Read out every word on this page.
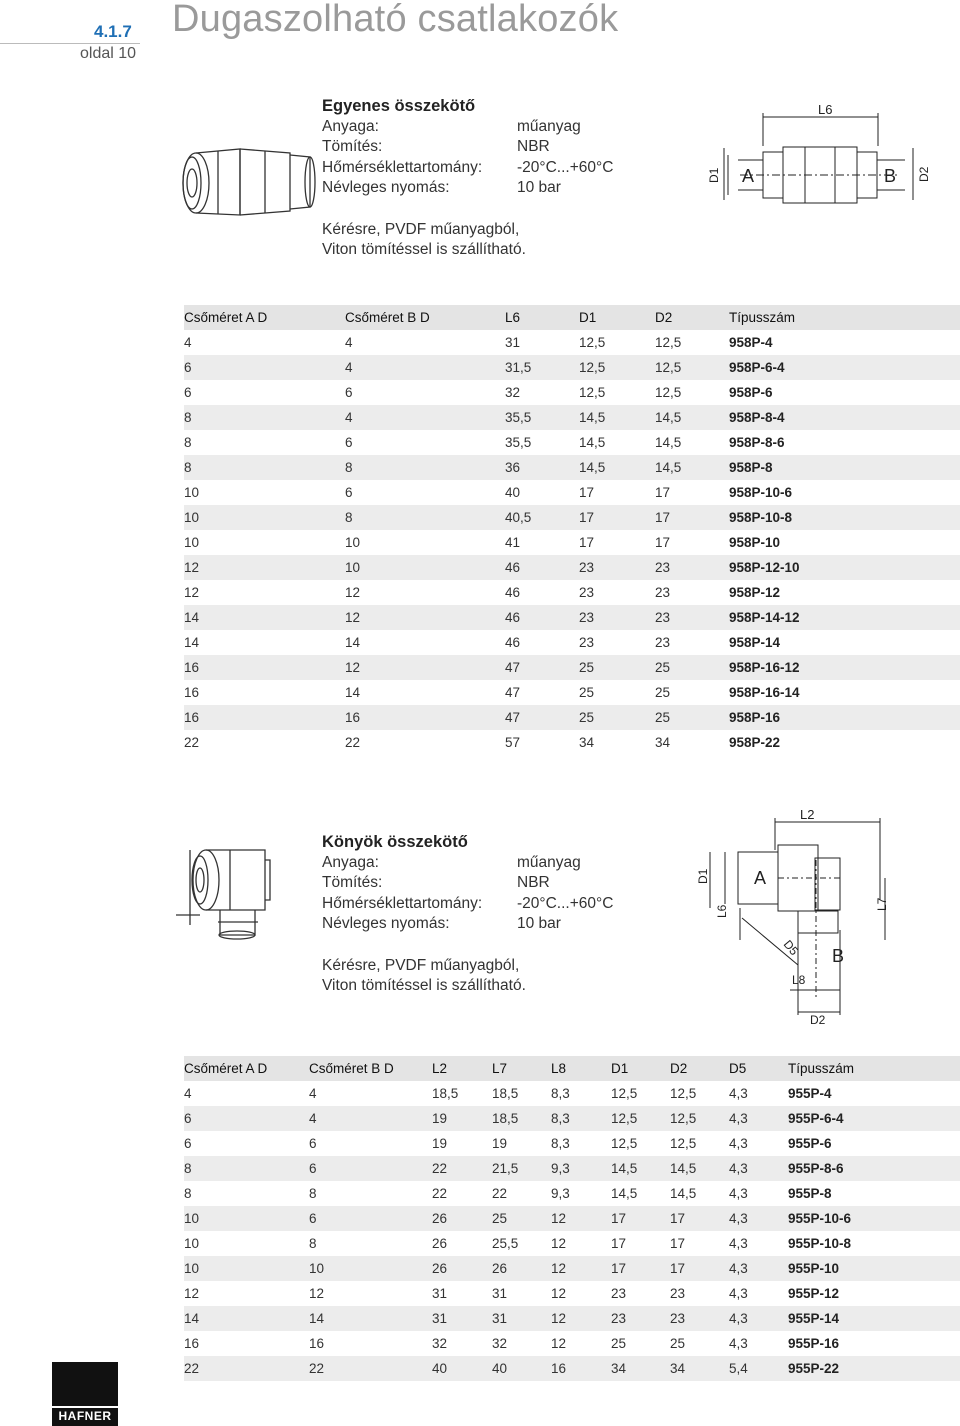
4.1.7
oldal 10
Dugaszolható csatlakozók
Egyenes összekötő
Anyaga:	műanyag
Tömítés:	NBR
Hőmérséklettartomány: -20°C...+60°C
Névleges nyomás:	10 bar
Kérésre, PVDF műanyagból,
Viton tömítéssel is szállítható.
L6
D1 A	B D2
Csőméret A D	Csőméret B D	L6	D1	D2	Típusszám
4	4	31	12,5	12,5	958P-4
6	4	31,5	12,5	12,5	958P-6-4
6	6	32	12,5	12,5	958P-6
8	4	35,5	14,5	14,5	958P-8-4
8	6	35,5	14,5	14,5	958P-8-6
8	8	36	14,5	14,5	958P-8
10	6	40	17	17	958P-10-6
10	8	40,5	17	17	958P-10-8
10	10	41	17	17	958P-10
12	10	46	23	23	958P-12-10
12	12	46	23	23	958P-12
14	12	46	23	23	958P-14-12
14	14	46	23	23	958P-14
16	12	47	25	25	958P-16-12
16	14	47	25	25	958P-16-14
16	16	47	25	25	958P-16
22	22	57	34	34	958P-22
Könyök összekötő
Anyaga:	műanyag
Tömítés:	NBR
Hőmérséklettartomány: -20°C...+60°C
Névleges nyomás:	10 bar
Kérésre, PVDF műanyagból,
Viton tömítéssel is szállítható.
L2
D1 A
L6
L7
D5 B
L8
D2
Csőméret A D	Csőméret B D	L2	L7	L8	D1	D2	D5	Típusszám
4	4	18,5	18,5	8,3	12,5	12,5	4,3	955P-4
6	4	19	18,5	8,3	12,5	12,5	4,3	955P-6-4
6	6	19	19	8,3	12,5	12,5	4,3	955P-6
8	6	22	21,5	9,3	14,5	14,5	4,3	955P-8-6
8	8	22	22	9,3	14,5	14,5	4,3	955P-8
10	6	26	25	12	17	17	4,3	955P-10-6
10	8	26	25,5	12	17	17	4,3	955P-10-8
10	10	26	26	12	17	17	4,3	955P-10
12	12	31	31	12	23	23	4,3	955P-12
14	14	31	31	12	23	23	4,3	955P-14
16	16	32	32	12	25	25	4,3	955P-16
22	22	40	40	16	34	34	5,4	955P-22
HAFNER
